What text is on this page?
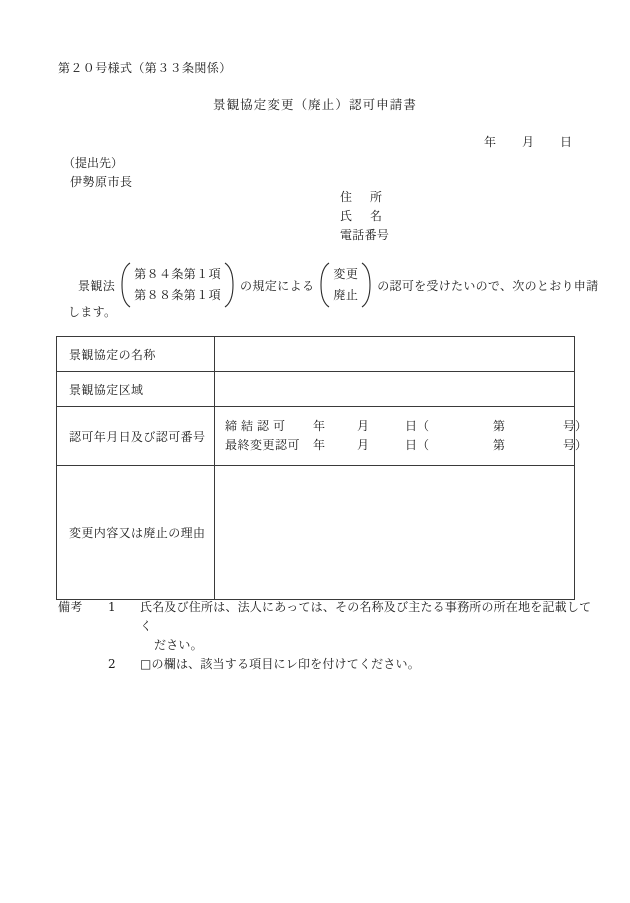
第２０号様式（第３３条関係）
景観協定変更（廃止）認可申請書
年 月 日
（提出先）
伊勢原市長
住 所
氏 名
電話番号
景観法
第８４条第１項
第８８条第１項
の規定による
変更
廃止
の認可を受けたいので、次のとおり申請
します。
景観協定の名称	
景観協定区域	
認可年月日及び認可番号	締結認可 年 月 日（ 第 号）
最終変更認可 年 月 日（ 第 号）

変更内容又は廃止の理由	
備考	1	氏名及び住所は、法人にあっては、その名称及び主たる事務所の所在地を記載してく
ださい。
2	□の欄は、該当する項目にレ印を付けてください。
